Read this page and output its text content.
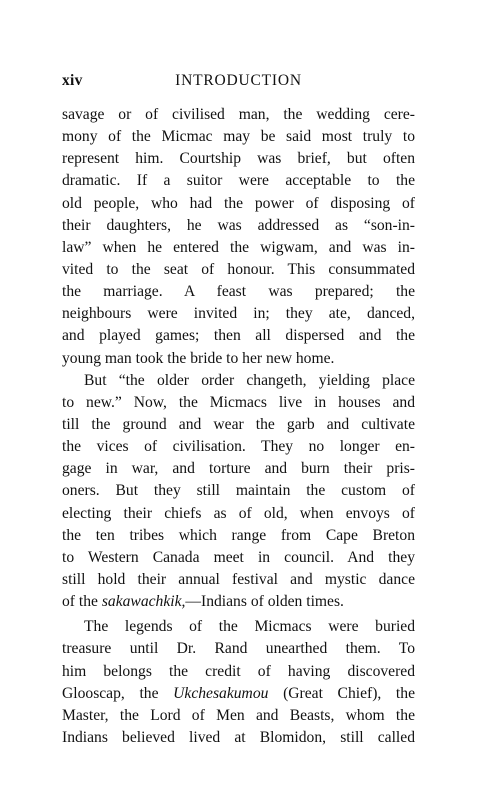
xiv	INTRODUCTION
savage or of civilised man, the wedding cere-
mony of the Micmac may be said most truly to
represent him. Courtship was brief, but often
dramatic. If a suitor were acceptable to the
old people, who had the power of disposing of
their daughters, he was addressed as “son-in-
law” when he entered the wigwam, and was in-
vited to the seat of honour. This consummated
the marriage. A feast was prepared; the
neighbours were invited in; they ate, danced,
and played games; then all dispersed and the
young man took the bride to her new home.
But “the older order changeth, yielding place
to new.” Now, the Micmacs live in houses and
till the ground and wear the garb and cultivate
the vices of civilisation. They no longer en-
gage in war, and torture and burn their pris-
oners. But they still maintain the custom of
electing their chiefs as of old, when envoys of
the ten tribes which range from Cape Breton
to Western Canada meet in council. And they
still hold their annual festival and mystic dance
of the sakawachkik,—Indians of olden times.
The legends of the Micmacs were buried
treasure until Dr. Rand unearthed them. To
him belongs the credit of having discovered
Glooscap, the Ukchesakumou (Great Chief), the
Master, the Lord of Men and Beasts, whom the
Indians believed lived at Blomidon, still called
